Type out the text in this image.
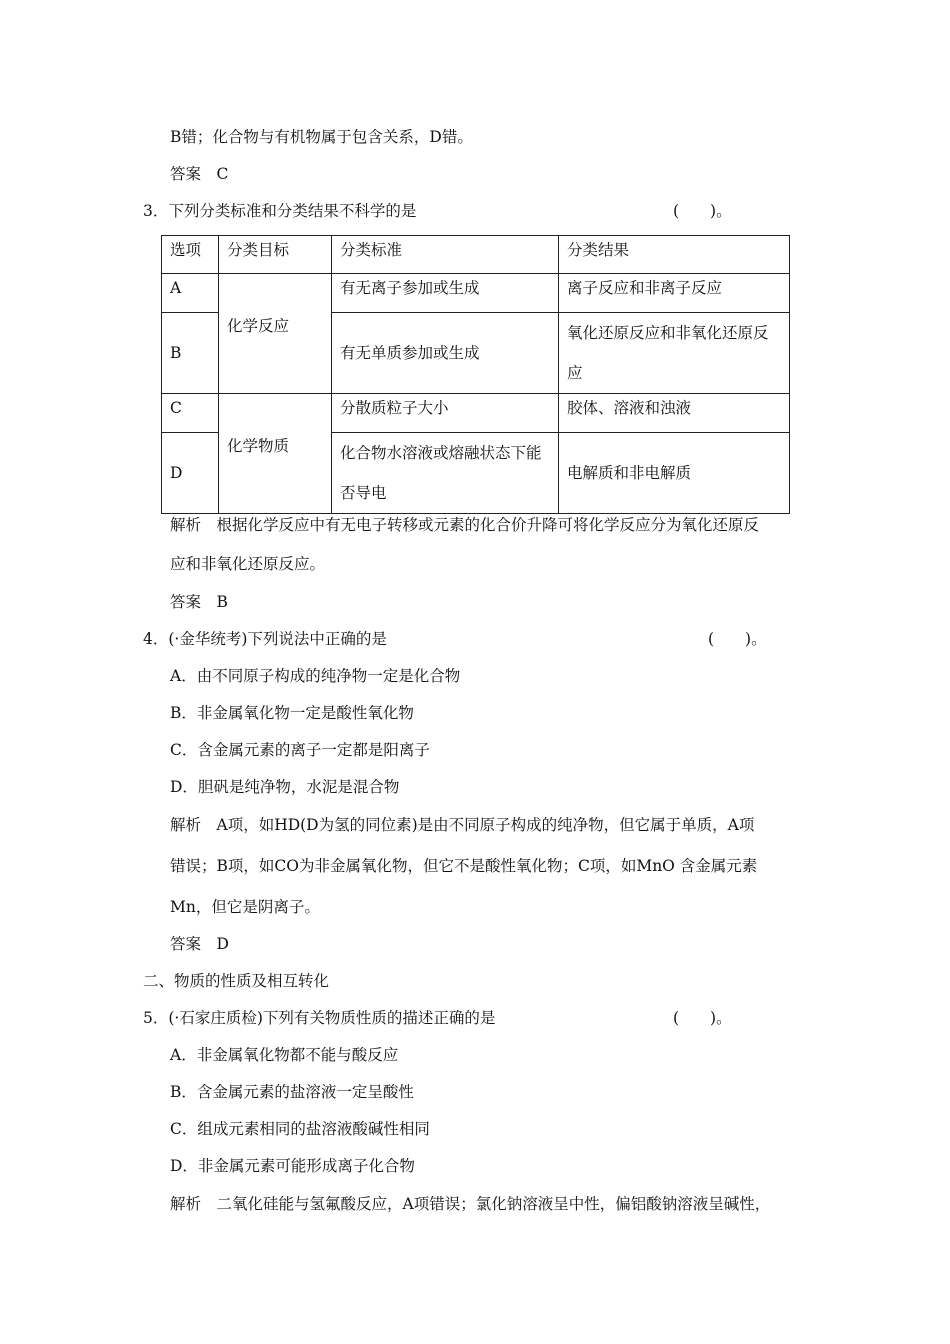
B错；化合物与有机物属于包含关系，D错。
答案　C
3．下列分类标准和分类结果不科学的是	(　　)。
选项	分类目标	分类标准	分类结果
A	化学反应	有无离子参加或生成	离子反应和非离子反应
B		有无单质参加或生成	氧化还原反应和非氧化还原反应
C	化学物质	分散质粒子大小	胶体、溶液和浊液
D		化合物水溶液或熔融状态下能否导电	电解质和非电解质
解析　根据化学反应中有无电子转移或元素的化合价升降可将化学反应分为氧化还原反
应和非氧化还原反应。
答案　B
4．(·金华统考)下列说法中正确的是	(　　)。
A．由不同原子构成的纯净物一定是化合物
B．非金属氧化物一定是酸性氧化物
C．含金属元素的离子一定都是阳离子
D．胆矾是纯净物，水泥是混合物
解析　A项，如HD(D为氢的同位素)是由不同原子构成的纯净物，但它属于单质，A项
错误；B项，如CO为非金属氧化物，但它不是酸性氧化物；C项，如MnO 含金属元素
Mn，但它是阴离子。
答案　D
二、物质的性质及相互转化
5．(·石家庄质检)下列有关物质性质的描述正确的是	(　　)。
A．非金属氧化物都不能与酸反应
B．含金属元素的盐溶液一定呈酸性
C．组成元素相同的盐溶液酸碱性相同
D．非金属元素可能形成离子化合物
解析　二氧化硅能与氢氟酸反应，A项错误；氯化钠溶液呈中性，偏铝酸钠溶液呈碱性，
